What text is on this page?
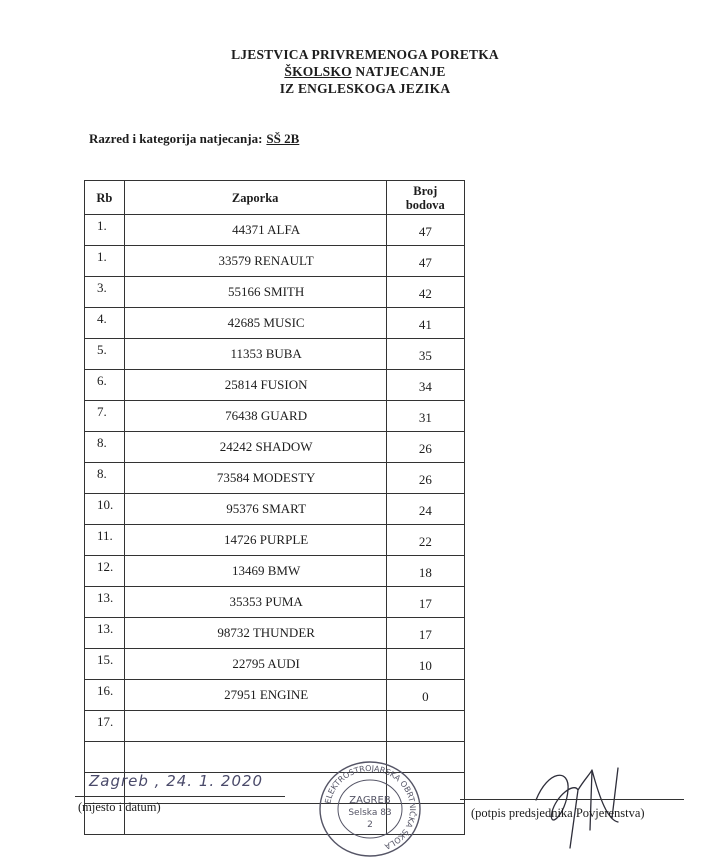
LJESTVICA PRIVREMENOGA PORETKA
ŠKOLSKO NATJECANJE
IZ ENGLESKOGA JEZIKA
Razred i kategorija natjecanja: SŠ 2B
Rb	Zaporka	Broj bodova
1.	44371 ALFA	47
1.	33579 RENAULT	47
3.	55166 SMITH	42
4.	42685 MUSIC	41
5.	11353 BUBA	35
6.	25814 FUSION	34
7.	76438 GUARD	31
8.	24242 SHADOW	26
8.	73584 MODESTY	26
10.	95376 SMART	24
11.	14726 PURPLE	22
12.	13469 BMW	18
13.	35353 PUMA	17
13.	98732 THUNDER	17
15.	22795 AUDI	10
16.	27951 ENGINE	0
17.		

Zagreb , 24. 1. 2020
(mjesto i datum)	ELEKTROSTROJARSKA OBRTNIČKA ŠKOLA
ZAGREB
Selska 83
2
(potpis predsjednika Povjerenstva)
